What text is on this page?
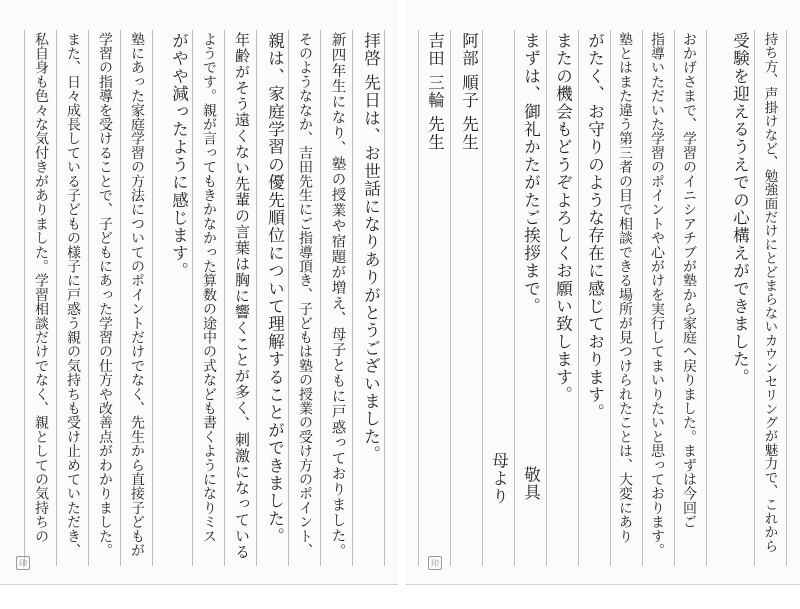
持ち方、声掛けなど、勉強面だけにとどまらないカウンセリングが魅力で、これから
受験を迎えるうえでの心構えができました。
おかげさまで、学習のイニシアチブが塾から家庭へ戻りました。まずは今回ご
指導いただいた学習のポイントや心がけを実行してまいりたいと思っております。
塾とはまた違う第三者の目で相談できる場所が見つけられたことは、大変にあり
がたく、お守りのような存在に感じております。
またの機会もどうぞよろしくお願い致します。
まずは、御礼かたがたご挨拶まで。
敬具
母より
阿部 順子 先生
吉田 三輪 先生
印
拝啓 先日は、お世話になりありがとうございました。
新四年生になり、塾の授業や宿題が増え、母子ともに戸惑っておりました。
そのようななか、吉田先生にご指導頂き、子どもは塾の授業の受け方のポイント、
親は、家庭学習の優先順位について理解することができました。
年齢がそう遠くない先輩の言葉は胸に響くことが多く、刺激になっている
ようです。親が言ってもきかなかった算数の途中の式なども書くようになりミス
がやや減ったように感じます。
塾にあった家庭学習の方法についてのポイントだけでなく、先生から直接子どもが
学習の指導を受けることで、子どもにあった学習の仕方や改善点がわかりました。
また、日々成長している子どもの様子に戸惑う親の気持ちも受け止めていただき、
私自身も色々な気付きがありました。学習相談だけでなく、親としての気持ちの
印
